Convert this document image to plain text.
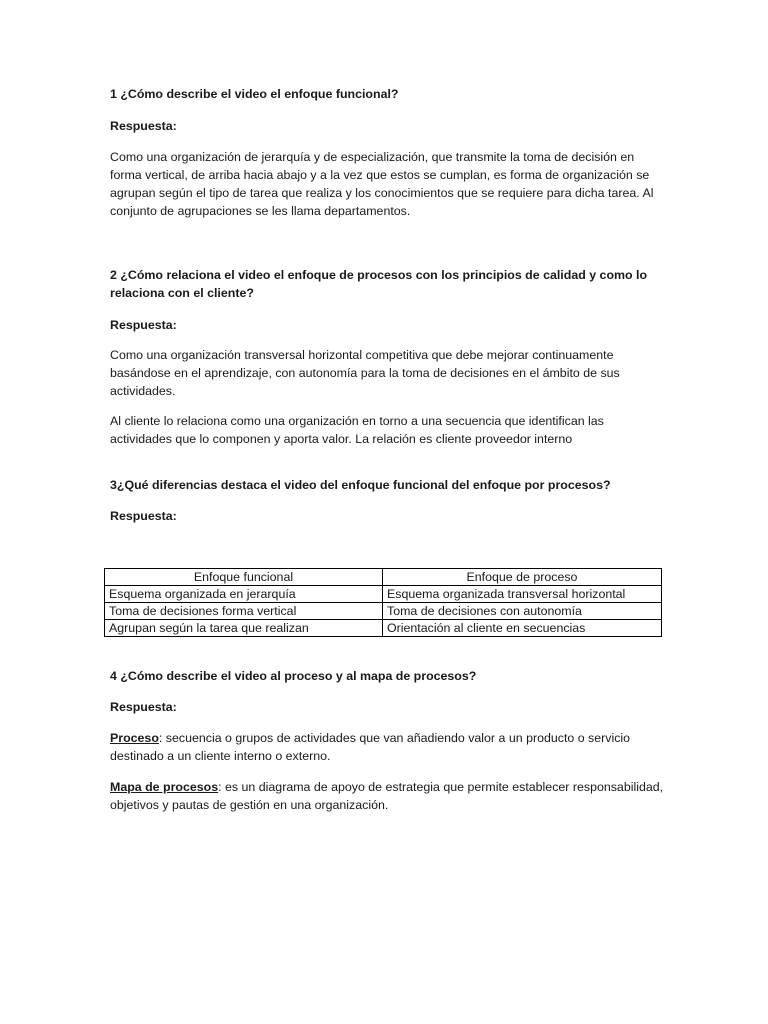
1 ¿Cómo describe el video el enfoque funcional?

Respuesta:

Como una organización de jerarquía y de especialización, que transmite la toma de decisión en forma vertical, de arriba hacia abajo y a la vez que estos se cumplan, es forma de organización se agrupan según el tipo de tarea que realiza y los conocimientos que se requiere para dicha tarea. Al conjunto de agrupaciones se les llama departamentos.

2 ¿Cómo relaciona el video el enfoque de procesos con los principios de calidad y como lo relaciona con el cliente?

Respuesta:

Como una organización transversal horizontal competitiva que debe mejorar continuamente basándose en el aprendizaje, con autonomía para la toma de decisiones en el ámbito de sus actividades.

Al cliente lo relaciona como una organización en torno a una secuencia que identifican las actividades que lo componen y aporta valor. La relación es cliente proveedor interno

3¿Qué diferencias destaca el video del enfoque funcional del enfoque por procesos?

Respuesta:

Enfoque funcional	Enfoque de proceso
Esquema organizada en jerarquía	Esquema organizada transversal horizontal
Toma de decisiones forma vertical	Toma de decisiones con autonomía
Agrupan según la tarea que realizan	Orientación al cliente en secuencias

4 ¿Cómo describe el video al proceso y al mapa de procesos?

Respuesta:

Proceso: secuencia o grupos de actividades que van añadiendo valor a un producto o servicio destinado a un cliente interno o externo.

Mapa de procesos: es un diagrama de apoyo de estrategia que permite establecer responsabilidad, objetivos y pautas de gestión en una organización.
